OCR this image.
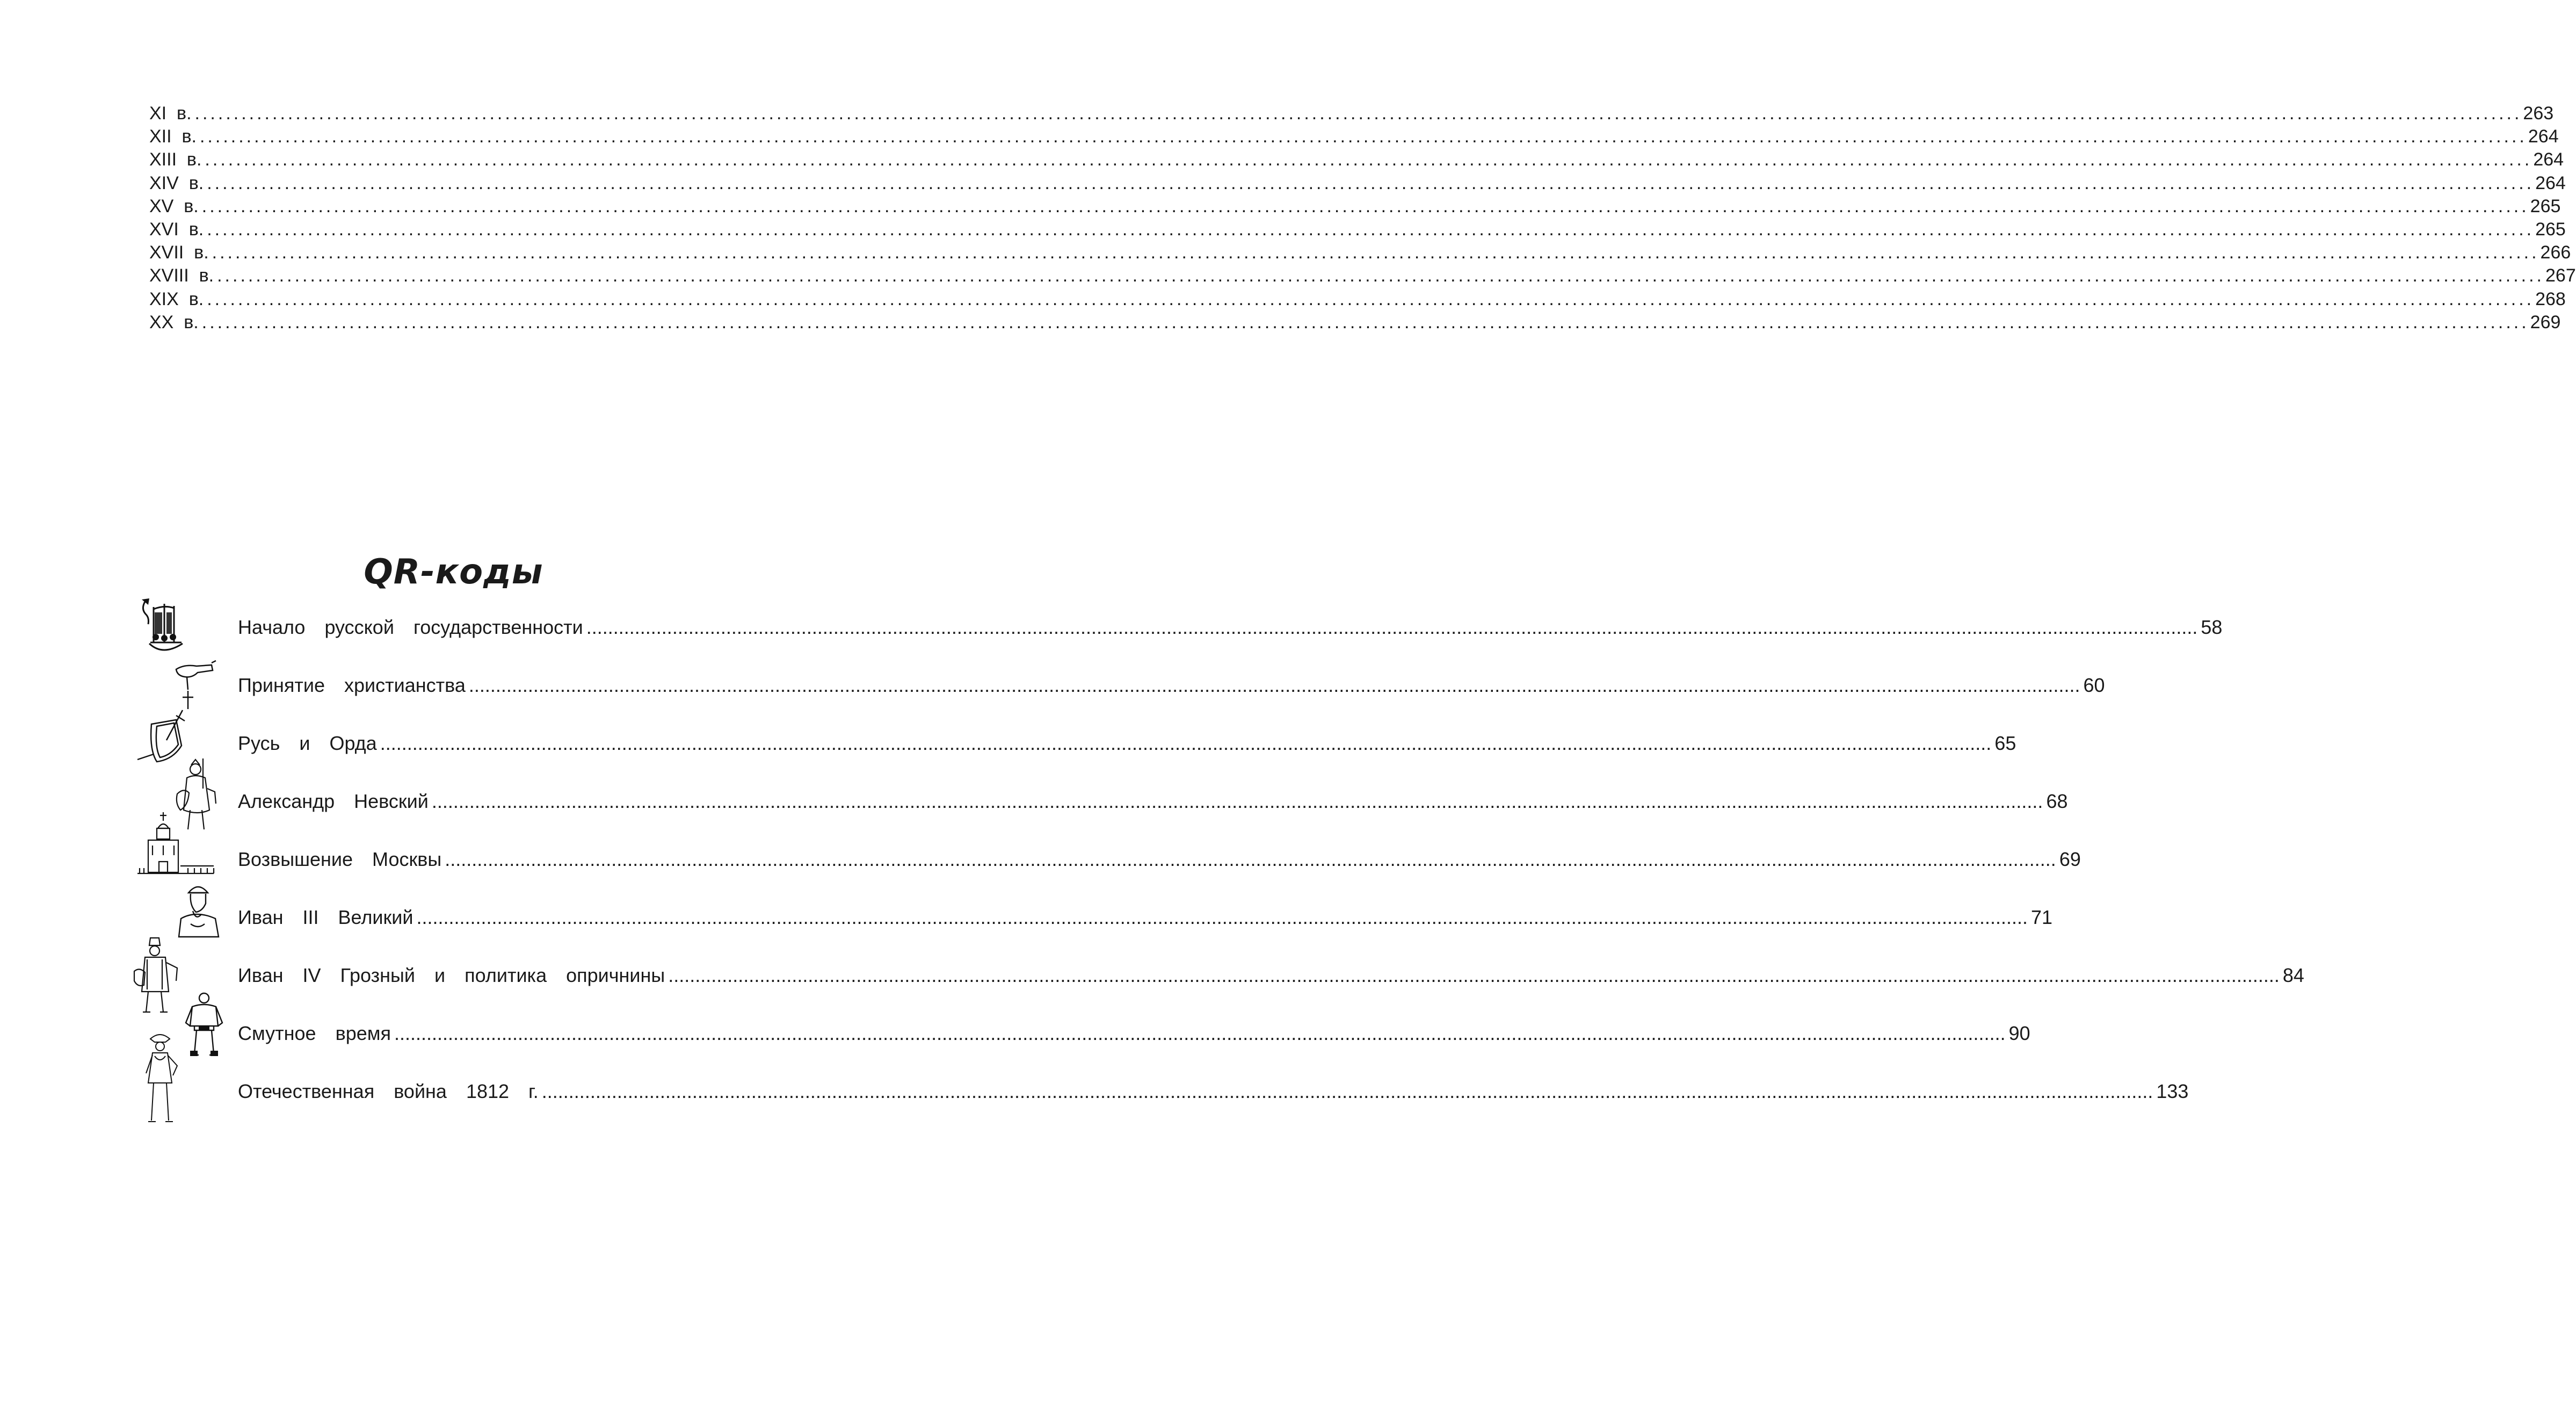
XI  в. ............................................................................................................................................................................................................................................................................................................ 263
XII  в. ............................................................................................................................................................................................................................................................................................................ 264
XIII  в. ............................................................................................................................................................................................................................................................................................................ 264
XIV  в. ............................................................................................................................................................................................................................................................................................................ 264
XV  в. ............................................................................................................................................................................................................................................................................................................ 265
XVI  в. ............................................................................................................................................................................................................................................................................................................ 265
XVII  в. ............................................................................................................................................................................................................................................................................................................ 266
XVIII  в. ............................................................................................................................................................................................................................................................................................................ 267
XIX  в. ............................................................................................................................................................................................................................................................................................................ 268
XX  в. ............................................................................................................................................................................................................................................................................................................ 269
QR-коды
Начало  русской  государственности ............................................................................................................................................................................................................................................................................................................ 58
Принятие  христианства ............................................................................................................................................................................................................................................................................................................ 60
Русь  и  Орда ............................................................................................................................................................................................................................................................................................................ 65
Александр  Невский ............................................................................................................................................................................................................................................................................................................ 68
Возвышение  Москвы ............................................................................................................................................................................................................................................................................................................ 69
Иван  III  Великий ............................................................................................................................................................................................................................................................................................................ 71
Иван  IV  Грозный  и  политика  опричнины ............................................................................................................................................................................................................................................................................................................ 84
Смутное  время ............................................................................................................................................................................................................................................................................................................ 90
Отечественная  война  1812  г. ............................................................................................................................................................................................................................................................................................................ 133
